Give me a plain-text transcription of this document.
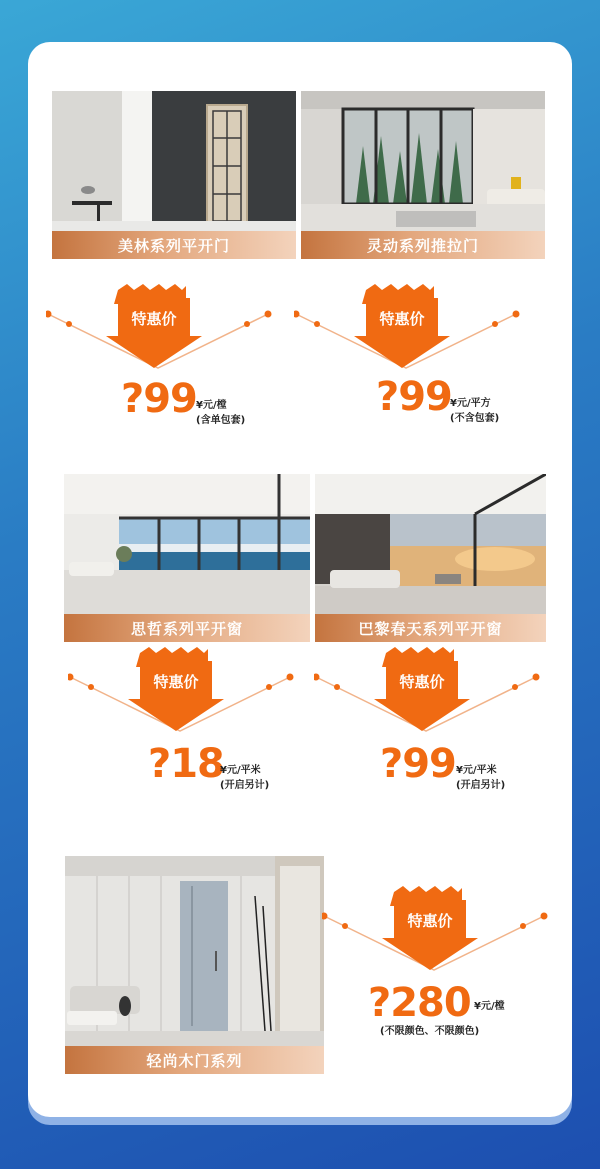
美林系列平开门	灵动系列推拉门
特惠价
?99 ¥元/樘
(含单包套)
特惠价
?99
¥元/平方
(不含包套)
思哲系列平开窗	巴黎春天系列平开窗
特惠价
?18
¥元/平米
(开启另计)
特惠价
?99 ¥元/平米
(开启另计)
轻尚木门系列
特惠价
?280 ¥元/樘
(不限颜色、不限颜色)
